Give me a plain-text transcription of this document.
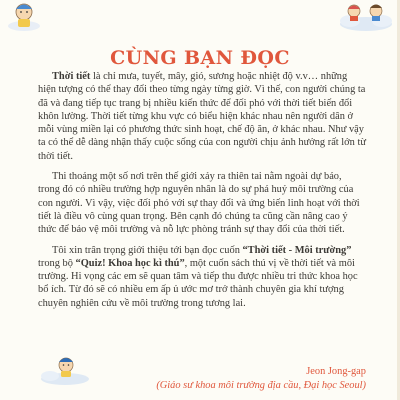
CÙNG BẠN ĐỌC

Thời tiết là chỉ mưa, tuyết, mây, gió, sương hoặc nhiệt độ v.v… những hiện tượng có thể thay đổi theo từng ngày từng giờ. Vì thế, con người chúng ta đã và đang tiếp tục trang bị nhiều kiến thức để đối phó với thời tiết biến đổi khôn lường. Thời tiết từng khu vực có biểu hiện khác nhau nên người dân ở mỗi vùng miền lại có phương thức sinh hoạt, chế độ ăn, ở khác nhau. Như vậy ta có thể dễ dàng nhận thấy cuộc sống của con người chịu ảnh hưởng rất lớn từ thời tiết.

Thi thoảng một số nơi trên thế giới xảy ra thiên tai nằm ngoài dự báo, trong đó có nhiều trường hợp nguyên nhân là do sự phá huỷ môi trường của con người. Vì vậy, việc đối phó với sự thay đổi và ứng biến linh hoạt với thời tiết là điều vô cùng quan trọng. Bên cạnh đó chúng ta cũng cần nâng cao ý thức để bảo vệ môi trường và nỗ lực phòng tránh sự thay đổi của thời tiết.

Tôi xin trân trọng giới thiệu tới bạn đọc cuốn “Thời tiết - Môi trường” trong bộ “Quiz! Khoa học kì thú”, một cuốn sách thú vị về thời tiết và môi trường. Hi vọng các em sẽ quan tâm và tiếp thu được nhiều tri thức khoa học bổ ích. Từ đó sẽ có nhiều em ấp ủ ước mơ trở thành chuyên gia khí tượng chuyên nghiên cứu về môi trường trong tương lai.

Jeon Jong-gap
(Giáo sư khoa môi trường địa cầu, Đại học Seoul)
